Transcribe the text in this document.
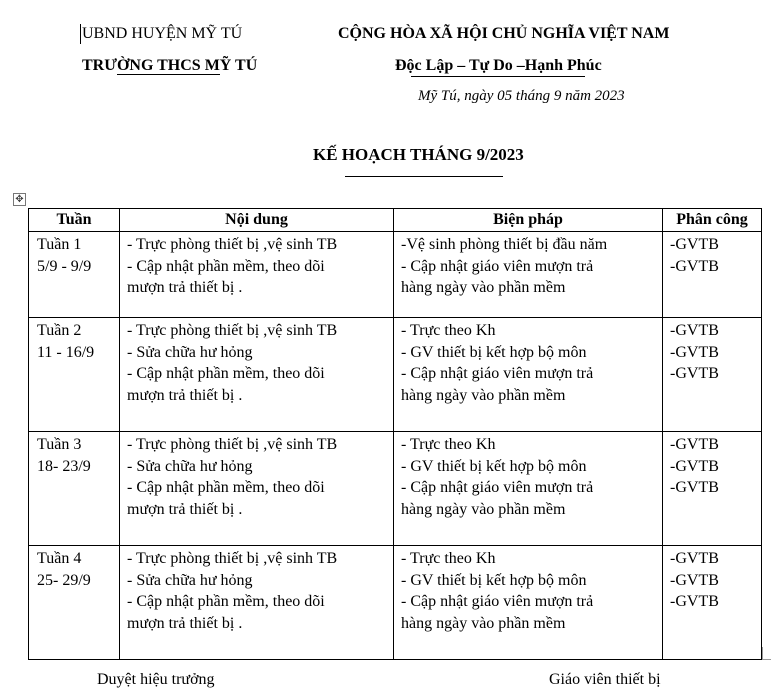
UBND HUYỆN MỸ TÚ
TRƯỜNG THCS MỸ TÚ
CỘNG HÒA XÃ HỘI CHỦ NGHĨA VIỆT NAM
Độc Lập – Tự Do –Hạnh Phúc
Mỹ Tú, ngày 05 tháng 9 năm 2023
KẾ HOẠCH THÁNG 9/2023
✥
Tuần	Nội dung	Biện pháp	Phân công

Tuần 1
5/9 - 9/9	- Trực phòng thiết bị ,vệ sinh TB
- Cập nhật phần mềm, theo dõi
mượn trả thiết bị .	-Vệ sinh phòng thiết bị đầu năm
- Cập nhật giáo viên mượn trả
hàng ngày vào phần mềm	-GVTB
-GVTB

Tuần 2
11 - 16/9	- Trực phòng thiết bị ,vệ sinh TB
- Sửa chữa hư hỏng
- Cập nhật phần mềm, theo dõi
mượn trả thiết bị .	- Trực theo Kh
- GV thiết bị kết hợp bộ môn
- Cập nhật giáo viên mượn trả
hàng ngày vào phần mềm	-GVTB
-GVTB
-GVTB

Tuần 3
18- 23/9	- Trực phòng thiết bị ,vệ sinh TB
- Sửa chữa hư hỏng
- Cập nhật phần mềm, theo dõi
mượn trả thiết bị .	- Trực theo Kh
- GV thiết bị kết hợp bộ môn
- Cập nhật giáo viên mượn trả
hàng ngày vào phần mềm	-GVTB
-GVTB
-GVTB

Tuần 4
25- 29/9	- Trực phòng thiết bị ,vệ sinh TB
- Sửa chữa hư hỏng
- Cập nhật phần mềm, theo dõi
mượn trả thiết bị .	- Trực theo Kh
- GV thiết bị kết hợp bộ môn
- Cập nhật giáo viên mượn trả
hàng ngày vào phần mềm	-GVTB
-GVTB
-GVTB
Duyệt hiệu trưởng	Giáo viên thiết bị
